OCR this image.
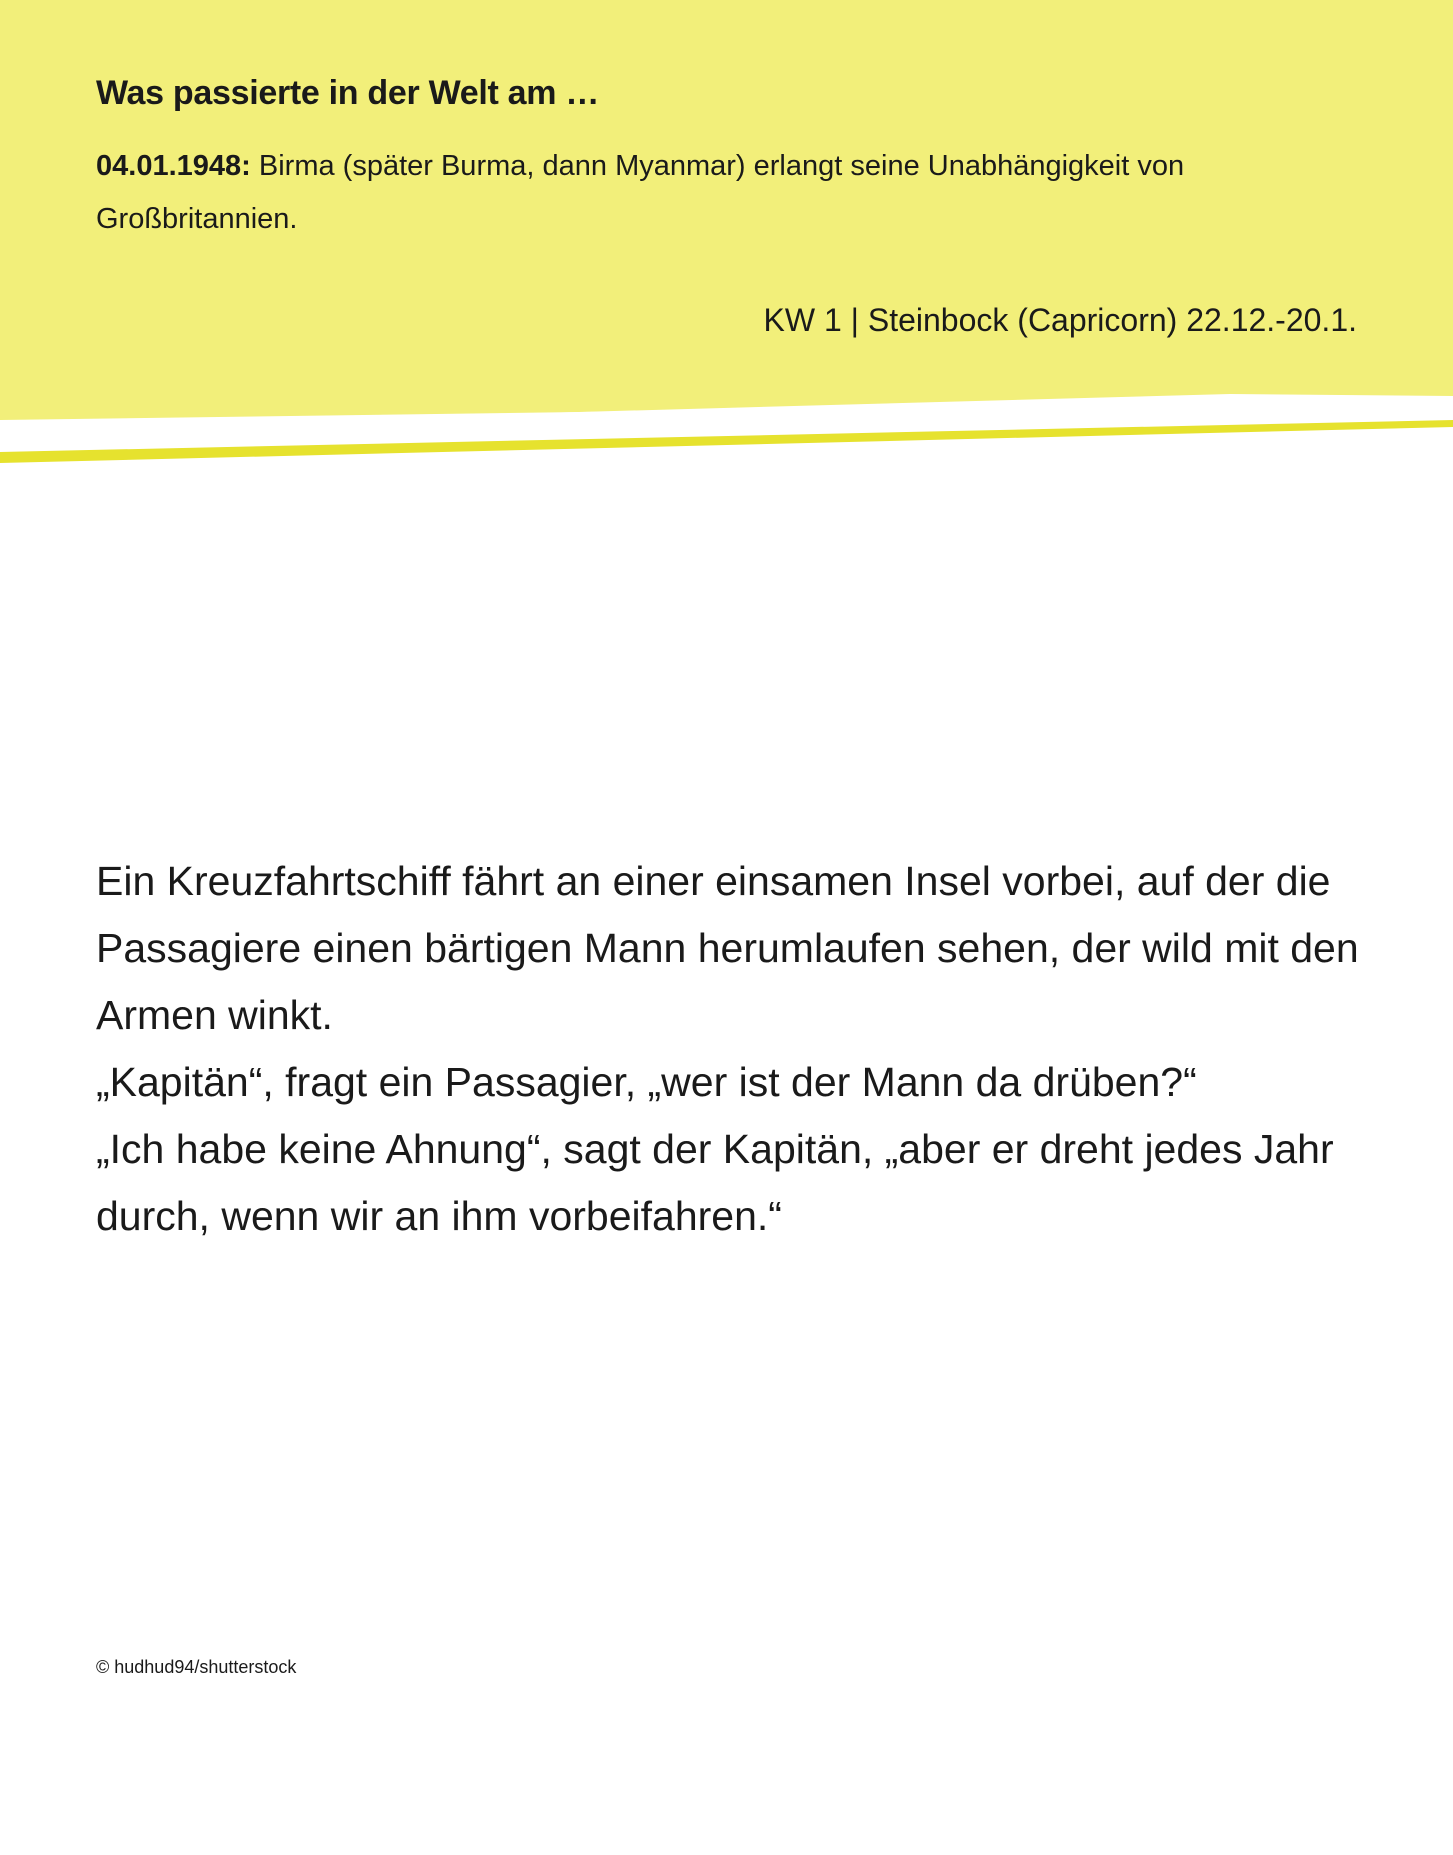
Was passierte in der Welt am …
04.01.1948: Birma (später Burma, dann Myanmar) erlangt seine Unabhängigkeit von Großbritannien.
KW 1 | Steinbock (Capricorn) 22.12.-20.1.

Ein Kreuzfahrtschiff fährt an einer einsamen Insel vorbei, auf der die Passagiere einen bärtigen Mann herumlaufen sehen, der wild mit den Armen winkt.

„Kapitän“, fragt ein Passagier, „wer ist der Mann da drüben?“

„Ich habe keine Ahnung“, sagt der Kapitän, „aber er dreht jedes Jahr durch, wenn wir an ihm vorbeifahren.“

© hudhud94/shutterstock
